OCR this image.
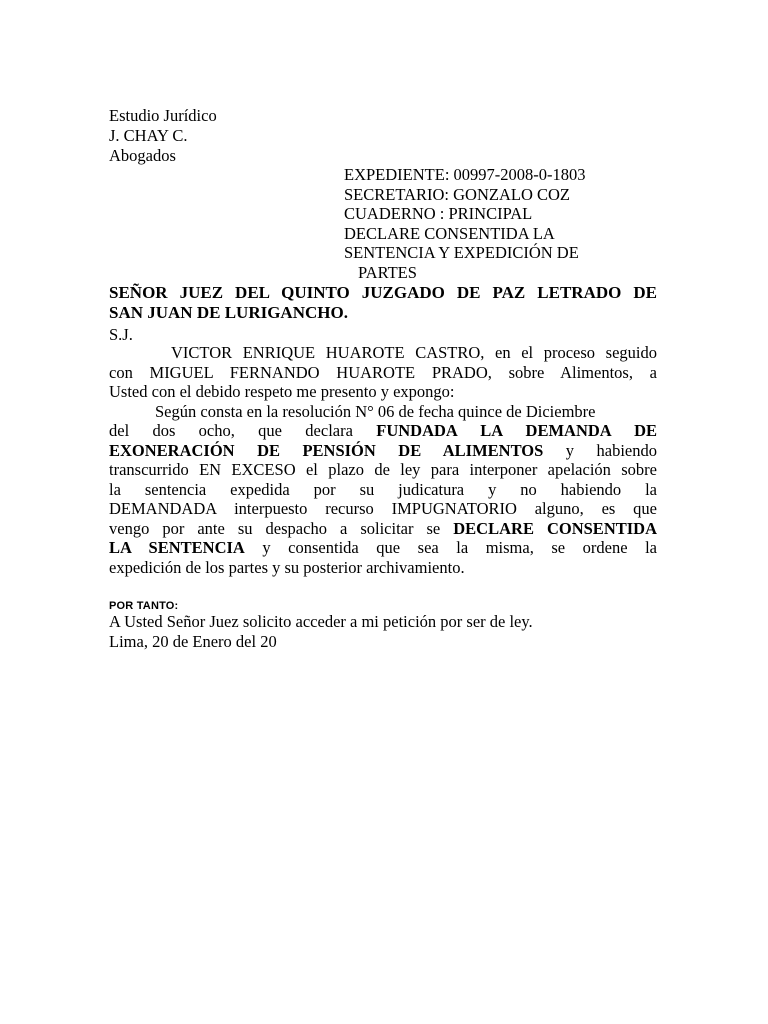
Estudio Jurídico
J. CHAY C.
Abogados
EXPEDIENTE: 00997-2008-0-1803
SECRETARIO: GONZALO COZ
CUADERNO : PRINCIPAL
DECLARE CONSENTIDA LA
SENTENCIA Y EXPEDICIÓN DE
PARTES
SEÑOR JUEZ DEL QUINTO JUZGADO DE PAZ LETRADO DE
SAN JUAN DE LURIGANCHO.
S.J.
VICTOR ENRIQUE HUAROTE CASTRO, en el proceso seguido
con MIGUEL FERNANDO HUAROTE PRADO, sobre Alimentos, a
Usted con el debido respeto me presento y expongo:
Según consta en la resolución N° 06 de fecha quince de Diciembre
del dos ocho, que declara FUNDADA LA DEMANDA DE
EXONERACIÓN DE PENSIÓN DE ALIMENTOS y habiendo
transcurrido EN EXCESO el plazo de ley para interponer apelación sobre
la sentencia expedida por su judicatura y no habiendo la
DEMANDADA interpuesto recurso IMPUGNATORIO alguno, es que
vengo por ante su despacho a solicitar se DECLARE CONSENTIDA
LA SENTENCIA y consentida que sea la misma, se ordene la
expedición de los partes y su posterior archivamiento.
POR TANTO:
A Usted Señor Juez solicito acceder a mi petición por ser de ley.
Lima, 20 de Enero del 20
